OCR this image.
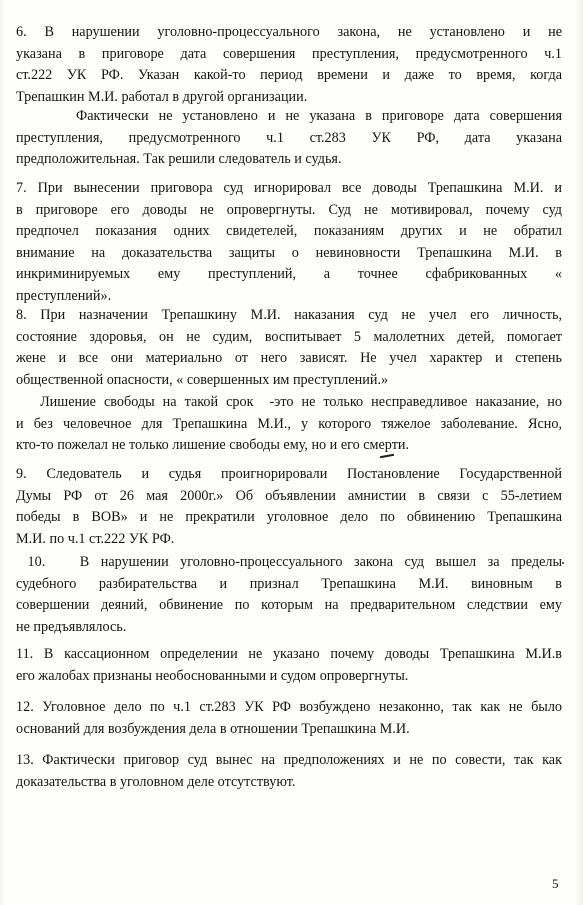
6. В нарушении уголовно-процессуального закона, не установлено и не
указана в приговоре дата совершения преступления, предусмотренного ч.1
ст.222 УК РФ. Указан какой-то период времени и даже то время, когда
Трепашкин М.И. работал в другой организации.
Фактически не установлено и не указана в приговоре дата совершения
преступления, предусмотренного ч.1 ст.283 УК РФ, дата указана
предположительная. Так решили следователь и судья.
7. При вынесении приговора суд игнорировал все доводы Трепашкина М.И. и
в приговоре его доводы не опровергнуты. Суд не мотивировал, почему суд
предпочел показания одних свидетелей, показаниям других и не обратил
внимание на доказательства защиты о невиновности Трепашкина М.И. в
инкриминируемых ему преступлений, а точнее сфабрикованных «
преступлений».
8. При назначении Трепашкину М.И. наказания суд не учел его личность,
состояние здоровья, он не судим, воспитывает 5 малолетних детей, помогает
жене и все они материально от него зависят. Не учел характер и степень
общественной опасности, « совершенных им преступлений.»
Лишение свободы на такой срок  -это не только несправедливое наказание, но
и без человечное для Трепашкина М.И., у которого тяжелое заболевание. Ясно,
кто-то пожелал не только лишение свободы ему, но и его смерти.
9. Следователь и судья проигнорировали Постановление Государственной
Думы РФ от 26 мая 2000г.» Об объявлении амнистии в связи с 55-летием
победы в ВОВ» и не прекратили уголовное дело по обвинению Трепашкина
М.И. по ч.1 ст.222 УК РФ.
10.   В нарушении уголовно-процессуального закона суд вышел за пределы
судебного разбирательства и признал Трепашкина М.И. виновным в
совершении деяний, обвинение по которым на предварительном следствии ему
не предъявлялось.
11. В кассационном определении не указано почему доводы Трепашкина М.И.в
его жалобах признаны необоснованными и судом опровергнуты.
12. Уголовное дело по ч.1 ст.283 УК РФ возбуждено незаконно, так как не было
оснований для возбуждения дела в отношении Трепашкина М.И.
13. Фактически приговор суд вынес на предположениях и не по совести, так как
доказательства в уголовном деле отсутствуют.
5
